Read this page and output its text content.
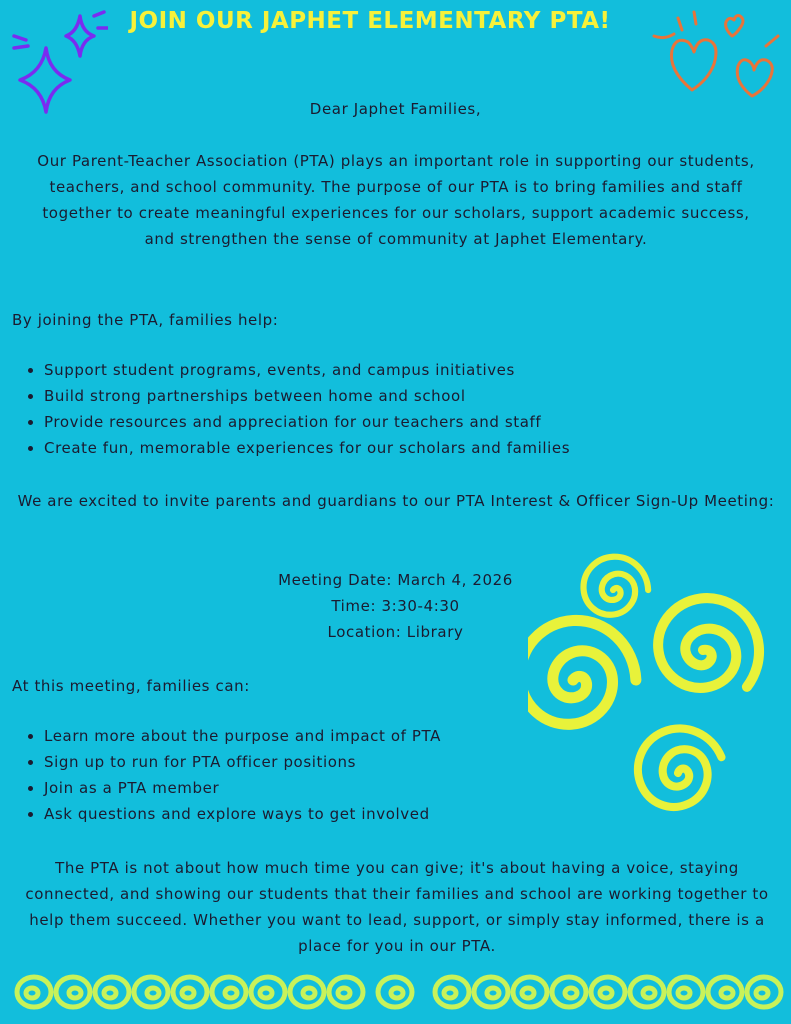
JOIN OUR JAPHET ELEMENTARY PTA!
Dear Japhet Families,
Our Parent-Teacher Association (PTA) plays an important role in supporting our students, teachers, and school community. The purpose of our PTA is to bring families and staff together to create meaningful experiences for our scholars, support academic success, and strengthen the sense of community at Japhet Elementary.
By joining the PTA, families help:
• Support student programs, events, and campus initiatives
• Build strong partnerships between home and school
• Provide resources and appreciation for our teachers and staff
• Create fun, memorable experiences for our scholars and families
We are excited to invite parents and guardians to our PTA Interest & Officer Sign-Up Meeting:
Meeting Date: March 4, 2026
Time: 3:30-4:30
Location: Library
At this meeting, families can:
• Learn more about the purpose and impact of PTA
• Sign up to run for PTA officer positions
• Join as a PTA member
• Ask questions and explore ways to get involved
The PTA is not about how much time you can give; it's about having a voice, staying connected, and showing our students that their families and school are working together to help them succeed. Whether you want to lead, support, or simply stay informed, there is a place for you in our PTA.
